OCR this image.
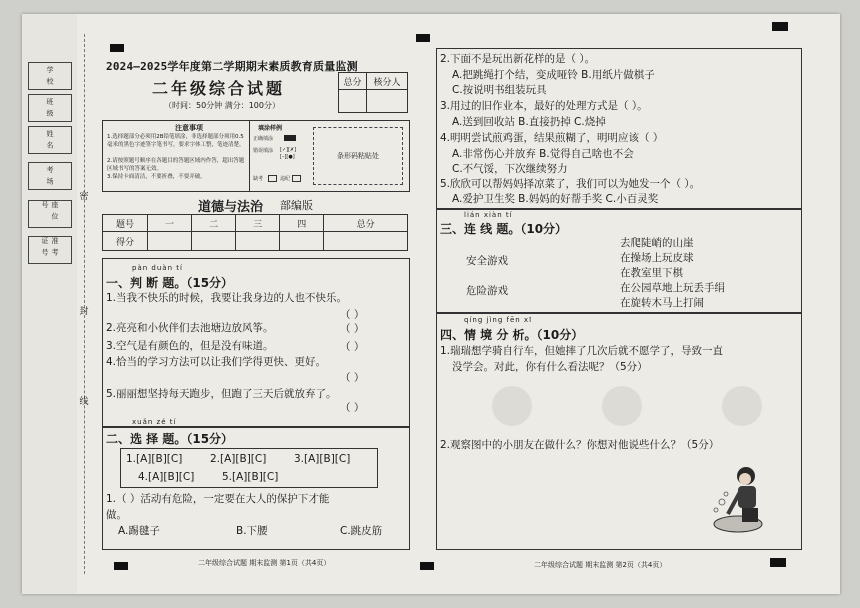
学 校
班 级
姓 名
考 场
座 位 号
准 考 证 号
密
封
线
2024—2025学年度第二学期期末素质教育质量监测
二年级综合试题
（时间：50分钟 满分：100分）
总分	核分人

注意事项
1.选择题部分必须用2B铅笔填涂，非选择题部分须用0.5毫米的黑色字迹签字笔书写，要求字体工整，笔迹清楚。
2.请按照题号顺序在各题目的答题区域内作答，超出答题区域书写的答案无效。
3.保持卡面清洁，不要折叠，不要弄破。
填涂样例
正确填涂
错误填涂 [✓][✗]
[–][●]
缺考	违纪
条形码粘贴处
道德与法治 部编版
题号	一	二	三	四	总分
得分					
pàn duàn tí
一、判 断 题。（15分）
1.当我不快乐的时候，我要让我身边的人也不快乐。
（ ）
2.亮亮和小伙伴们去池塘边放风筝。	（ ）
3.空气是有颜色的，但是没有味道。	（ ）
4.恰当的学习方法可以让我们学得更快、更好。
（ ）
5.丽丽想坚持每天跑步，但跑了三天后就放弃了。
（ ）
xuǎn zé tí
二、选 择 题。（15分）
1.[A][B][C]	2.[A][B][C]	3.[A][B][C]
4.[A][B][C]	5.[A][B][C]
1.（ ）活动有危险，一定要在大人的保护下才能
做。
A.踢毽子	B.下腰	C.跳皮筋
二年级综合试题 期末监测 第1页（共4页）
2.下面不是玩出新花样的是（ ）。
A.把跳绳打个结，变成哑铃 B.用纸片做棋子
C.按说明书组装玩具
3.用过的旧作业本，最好的处理方式是（ ）。
A.送到回收站 B.直接扔掉 C.烧掉
4.明明尝试煎鸡蛋，结果煎糊了，明明应该（ ）
A.非常伤心并放弃 B.觉得自己啥也不会
C.不气馁，下次继续努力
5.欣欣可以帮妈妈择凉菜了，我们可以为她发一个（ ）。
A.爱护卫生奖 B.妈妈的好帮手奖 C.小百灵奖
lián xiàn tí
三、连 线 题。（10分）
安全游戏
危险游戏
去爬陡峭的山崖
在操场上玩皮球
在教室里下棋
在公园草地上玩丢手绢
在旋转木马上打闹
qíng jìng fēn xī
四、情 境 分 析。（10分）
1.瑞瑞想学骑自行车，但她摔了几次后就不愿学了，导致一直
没学会。对此，你有什么看法呢？（5分）
2.观察图中的小朋友在做什么？你想对他说些什么？（5分）
二年级综合试题 期末监测 第2页（共4页）
